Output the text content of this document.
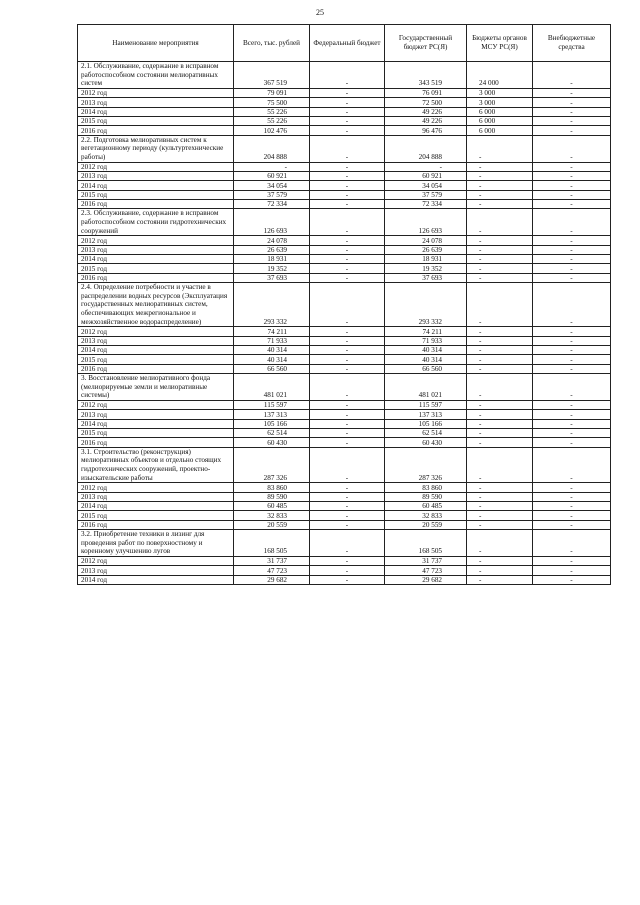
25
Наименование мероприятия	Всего, тыс. рублей	Федеральный бюджет	Государственный бюджет РС(Я)	Бюджеты органов МСУ РС(Я)	Внебюджетные средства
2.1. Обслуживание, содержание в исправном работоспособном состоянии мелиоративных систем	367 519	-	343 519	24 000	-
2012 год	79 091	-	76 091	3 000	-
2013 год	75 500	-	72 500	3 000	-
2014 год	55 226	-	49 226	6 000	-
2015 год	55 226	-	49 226	6 000	-
2016 год	102 476	-	96 476	6 000	-
2.2. Подготовка мелиоративных систем к вегетационному периоду (культуртехнические работы)	204 888	-	204 888	-	-
2012 год	-	-	-	-	-
2013 год	60 921	-	60 921	-	-
2014 год	34 054	-	34 054	-	-
2015 год	37 579	-	37 579	-	-
2016 год	72 334	-	72 334	-	-
2.3. Обслуживание, содержание в исправном работоспособном состоянии гидротехнических сооружений	126 693	-	126 693	-	-
2012 год	24 078	-	24 078	-	-
2013 год	26 639	-	26 639	-	-
2014 год	18 931	-	18 931	-	-
2015 год	19 352	-	19 352	-	-
2016 год	37 693	-	37 693	-	-
2.4. Определение потребности и участие в распределении водных ресурсов (Эксплуатация государственных мелиоративных систем, обеспечивающих межрегиональное и межхозяйственное водораспределение)	293 332	-	293 332	-	-
2012 год	74 211	-	74 211	-	-
2013 год	71 933	-	71 933	-	-
2014 год	40 314	-	40 314	-	-
2015 год	40 314	-	40 314	-	-
2016 год	66 560	-	66 560	-	-
3. Восстановление мелиоративного фонда (мелиорируемые земли и мелиоративные системы)	481 021	-	481 021	-	-
2012 год	115 597	-	115 597	-	-
2013 год	137 313	-	137 313	-	-
2014 год	105 166	-	105 166	-	-
2015 год	62 514	-	62 514	-	-
2016 год	60 430	-	60 430	-	-
3.1. Строительство (реконструкция) мелиоративных объектов и отдельно стоящих гидротехнических сооружений, проектно-изыскательские работы	287 326	-	287 326	-	-
2012 год	83 860	-	83 860	-	-
2013 год	89 590	-	89 590	-	-
2014 год	60 485	-	60 485	-	-
2015 год	32 833	-	32 833	-	-
2016 год	20 559	-	20 559	-	-
3.2. Приобретение техники в лизинг для проведения работ по поверхностному и коренному улучшению лугов	168 505	-	168 505	-	-
2012 год	31 737	-	31 737	-	-
2013 год	47 723	-	47 723	-	-
2014 год	29 682	-	29 682	-	-
